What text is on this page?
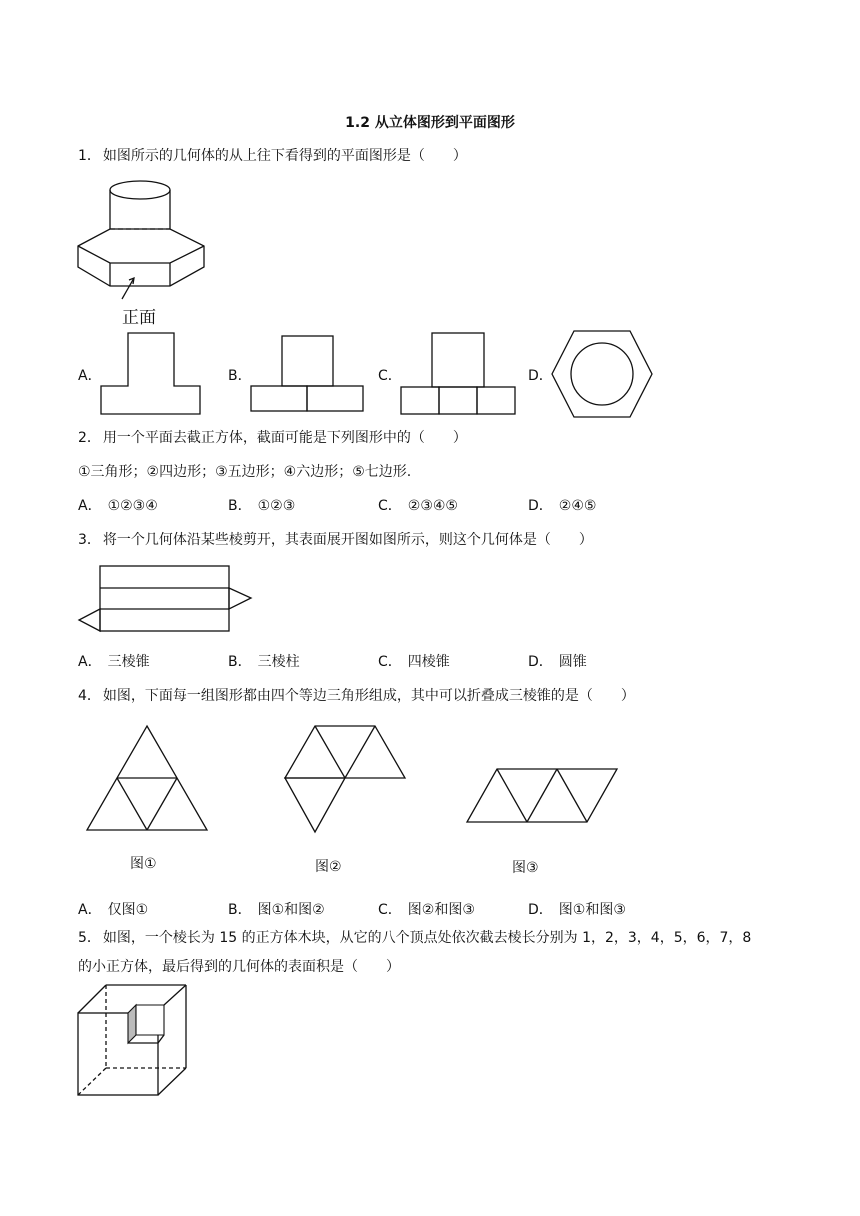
1.2 从立体图形到平面图形
1． 如图所示的几何体的从上往下看得到的平面图形是（　　）
正面
A．	B．	C．	D．
2． 用一个平面去截正方体，截面可能是下列图形中的（　　）
①三角形；②四边形；③五边形；④六边形；⑤七边形.
A． ①②③④	B． ①②③	C． ②③④⑤	D． ②④⑤
3． 将一个几何体沿某些棱剪开，其表面展开图如图所示，则这个几何体是（　　）
A． 三棱锥	B． 三棱柱	C． 四棱锥	D． 圆锥
4． 如图，下面每一组图形都由四个等边三角形组成，其中可以折叠成三棱锥的是（　　）
图①	图②	图③
A． 仅图①	B． 图①和图②	C． 图②和图③	D． 图①和图③
5． 如图，一个棱长为 15 的正方体木块，从它的八个顶点处依次截去棱长分别为 1，2，3，4，5，6，7，8
的小正方体，最后得到的几何体的表面积是（　　）
